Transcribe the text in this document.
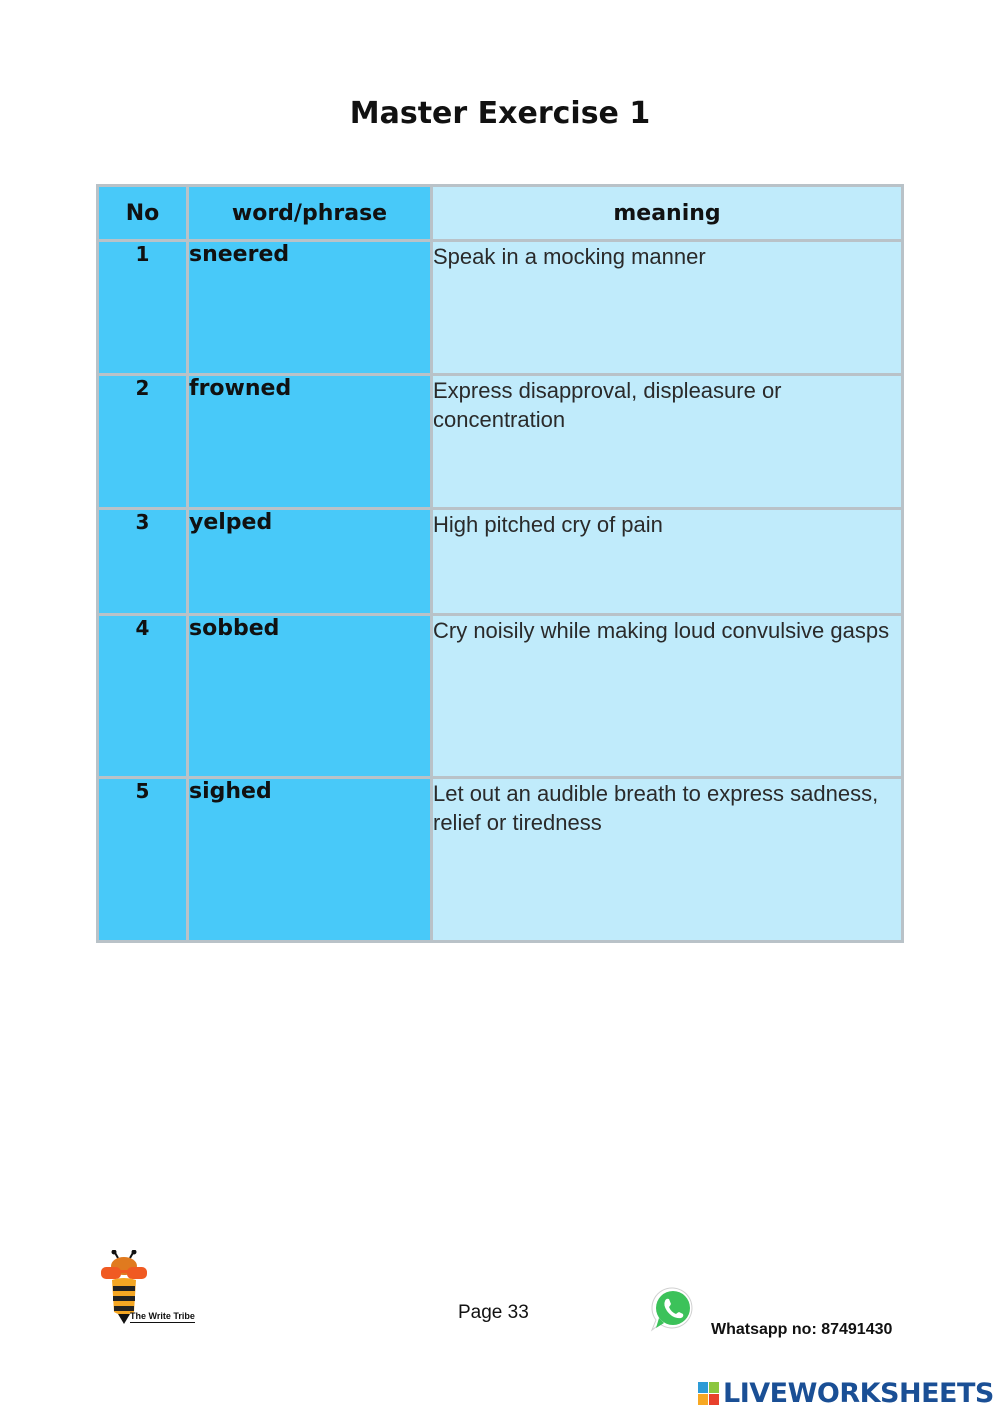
Master Exercise 1
No	word/phrase	meaning
1	sneered	Speak in a mocking manner
2	frowned	Express disapproval, displeasure or concentration
3	yelped	High pitched cry of pain
4	sobbed	Cry noisily while making loud convulsive gasps
5	sighed	Let out an audible breath to express sadness, relief or tiredness
The Write Tribe	Page 33
Whatsapp no: 87491430
LIVEWORKSHEETS
